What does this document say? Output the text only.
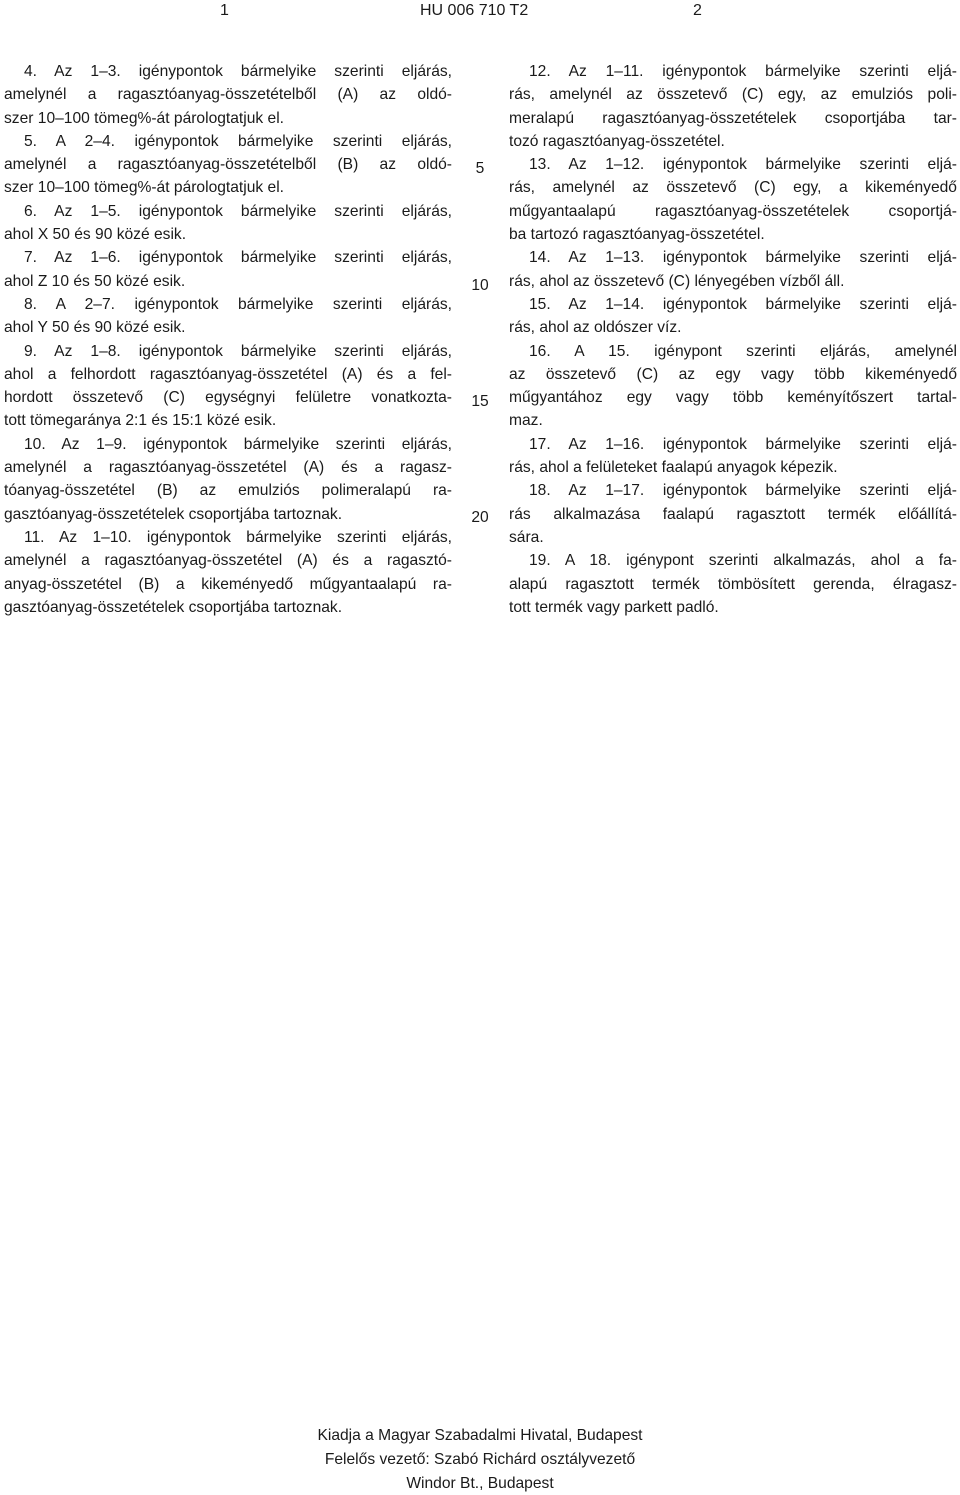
1	HU 006 710 T2	2
4. Az 1–3. igénypontok bármelyike szerinti eljárás,
amelynél a ragasztóanyag-összetételből (A) az oldó-
szer 10–100 tömeg%-át párologtatjuk el.
5. A 2–4. igénypontok bármelyike szerinti eljárás,
amelynél a ragasztóanyag-összetételből (B) az oldó-
szer 10–100 tömeg%-át párologtatjuk el.
6. Az 1–5. igénypontok bármelyike szerinti eljárás,
ahol X 50 és 90 közé esik.
7. Az 1–6. igénypontok bármelyike szerinti eljárás,
ahol Z 10 és 50 közé esik.
8. A 2–7. igénypontok bármelyike szerinti eljárás,
ahol Y 50 és 90 közé esik.
9. Az 1–8. igénypontok bármelyike szerinti eljárás,
ahol a felhordott ragasztóanyag-összetétel (A) és a fel-
hordott összetevő (C) egységnyi felületre vonatkozta-
tott tömegaránya 2:1 és 15:1 közé esik.
10. Az 1–9. igénypontok bármelyike szerinti eljárás,
amelynél a ragasztóanyag-összetétel (A) és a ragasz-
tóanyag-összetétel (B) az emulziós polimeralapú ra-
gasztóanyag-összetételek csoportjába tartoznak.
11. Az 1–10. igénypontok bármelyike szerinti eljárás,
amelynél a ragasztóanyag-összetétel (A) és a ragasztó-
anyag-összetétel (B) a kikeményedő műgyantaalapú ra-
gasztóanyag-összetételek csoportjába tartoznak.
5
10
15
20
12. Az 1–11. igénypontok bármelyike szerinti eljá-
rás, amelynél az összetevő (C) egy, az emulziós poli-
meralapú ragasztóanyag-összetételek csoportjába tar-
tozó ragasztóanyag-összetétel.
13. Az 1–12. igénypontok bármelyike szerinti eljá-
rás, amelynél az összetevő (C) egy, a kikeményedő
műgyantaalapú ragasztóanyag-összetételek csoportjá-
ba tartozó ragasztóanyag-összetétel.
14. Az 1–13. igénypontok bármelyike szerinti eljá-
rás, ahol az összetevő (C) lényegében vízből áll.
15. Az 1–14. igénypontok bármelyike szerinti eljá-
rás, ahol az oldószer víz.
16. A 15. igénypont szerinti eljárás, amelynél
az összetevő (C) az egy vagy több kikeményedő
műgyantához egy vagy több keményítőszert tartal-
maz.
17. Az 1–16. igénypontok bármelyike szerinti eljá-
rás, ahol a felületeket faalapú anyagok képezik.
18. Az 1–17. igénypontok bármelyike szerinti eljá-
rás alkalmazása faalapú ragasztott termék előállítá-
sára.
19. A 18. igénypont szerinti alkalmazás, ahol a fa-
alapú ragasztott termék tömbösített gerenda, élragasz-
tott termék vagy parkett padló.
Kiadja a Magyar Szabadalmi Hivatal, Budapest
Felelős vezető: Szabó Richárd osztályvezető
Windor Bt., Budapest
